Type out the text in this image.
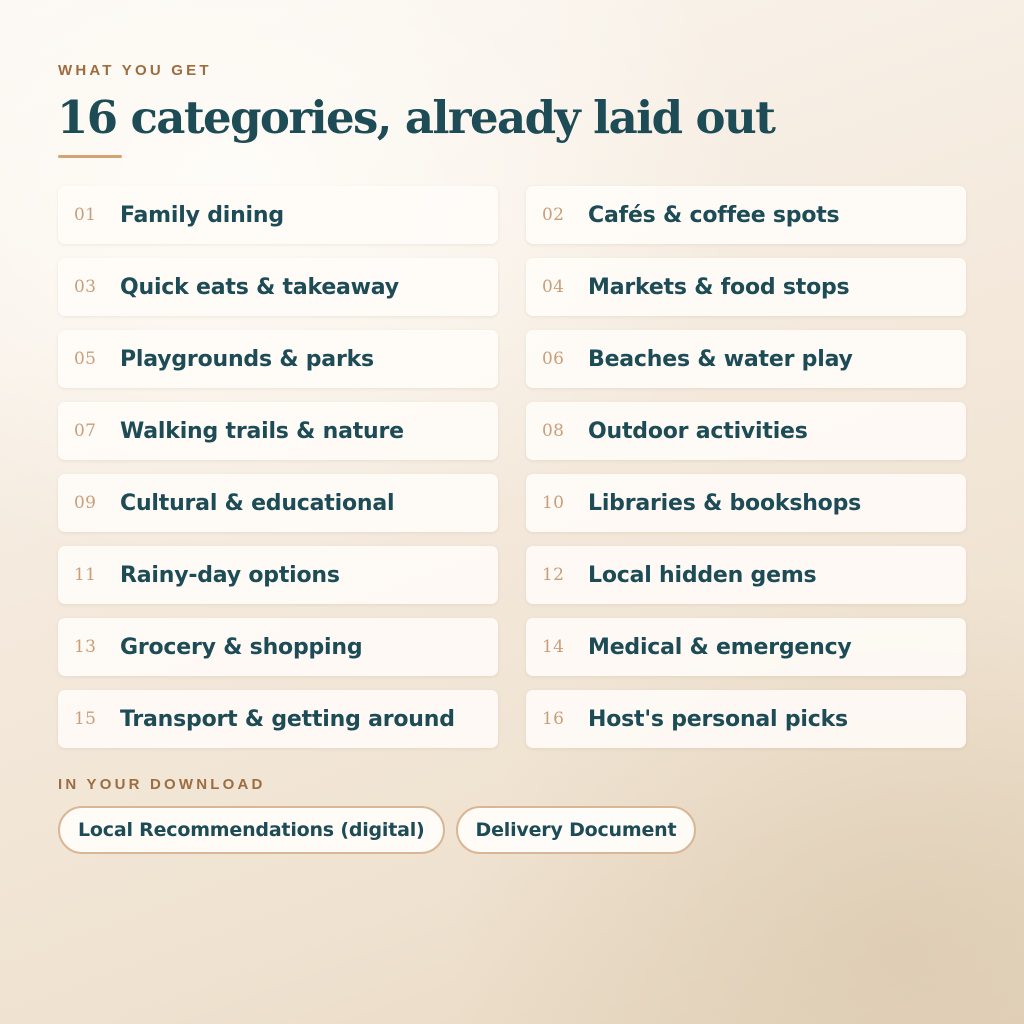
WHAT YOU GET
16 categories, already laid out
01	Family dining	02	Cafés & coffee spots
03	Quick eats & takeaway	04	Markets & food stops
05	Playgrounds & parks	06	Beaches & water play
07	Walking trails & nature	08	Outdoor activities
09	Cultural & educational	10	Libraries & bookshops
11	Rainy-day options	12	Local hidden gems
13	Grocery & shopping	14	Medical & emergency
15	Transport & getting around	16	Host's personal picks
IN YOUR DOWNLOAD
Local Recommendations (digital)	Delivery Document
